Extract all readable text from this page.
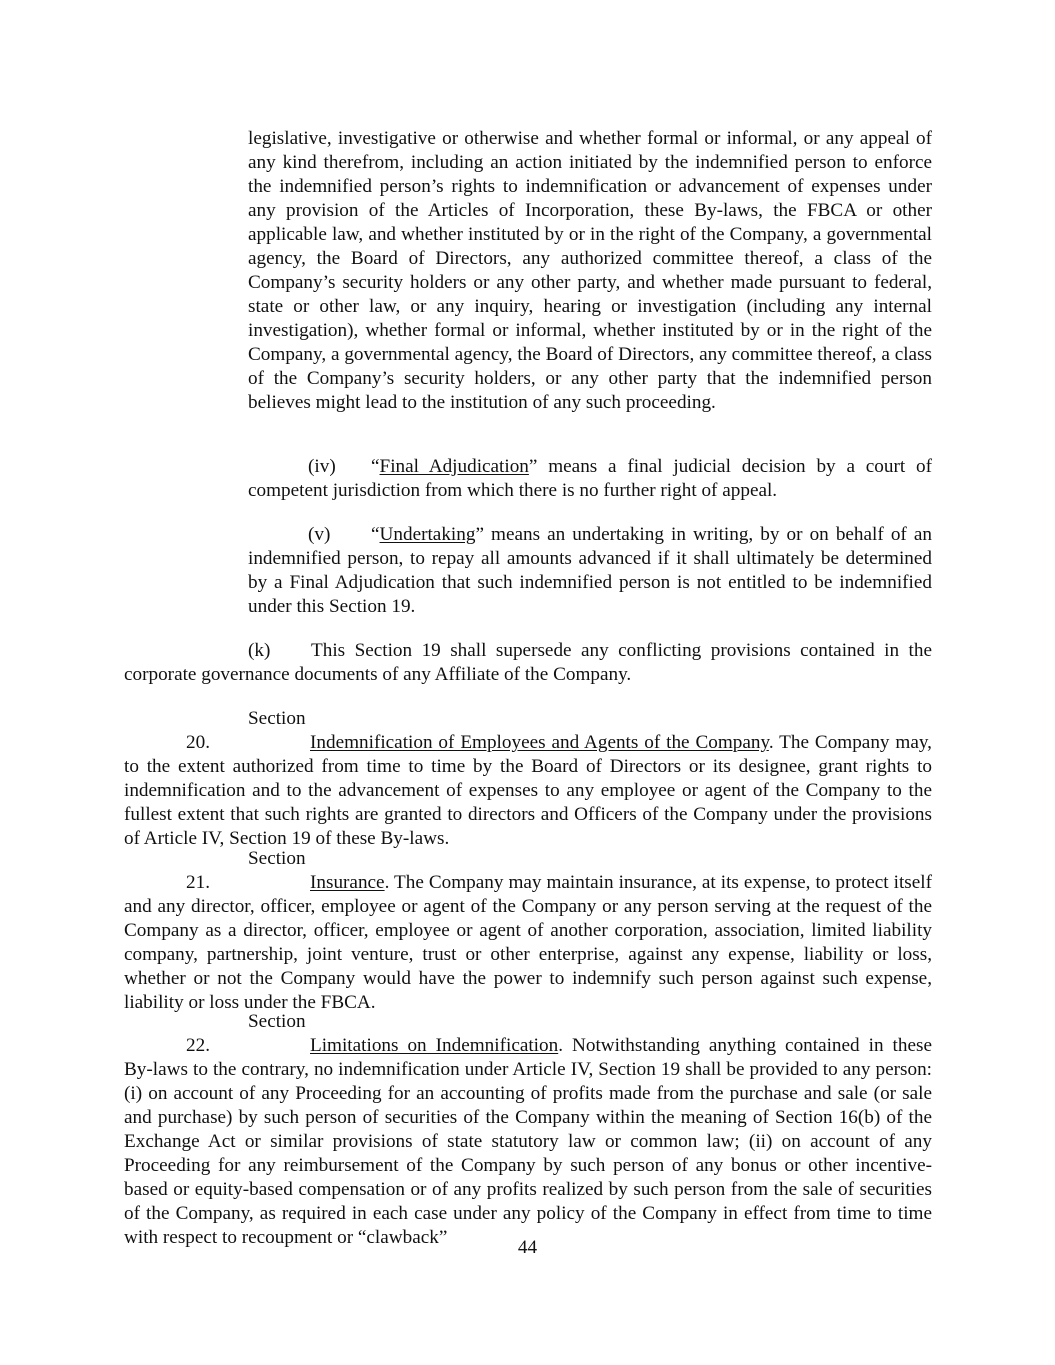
legislative, investigative or otherwise and whether formal or informal, or any appeal of any kind therefrom, including an action initiated by the indemnified person to enforce the indemnified person’s rights to indemnification or advancement of expenses under any provision of the Articles of Incorporation, these By-laws, the FBCA or other applicable law, and whether instituted by or in the right of the Company, a governmental agency, the Board of Directors, any authorized committee thereof, a class of the Company’s security holders or any other party, and whether made pursuant to federal, state or other law, or any inquiry, hearing or investigation (including any internal investigation), whether formal or informal, whether instituted by or in the right of the Company, a governmental agency, the Board of Directors, any committee thereof, a class of the Company’s security holders, or any other party that the indemnified person believes might lead to the institution of any such proceeding.

(iv) “Final Adjudication” means a final judicial decision by a court of competent jurisdiction from which there is no further right of appeal.

(v) “Undertaking” means an undertaking in writing, by or on behalf of an indemnified person, to repay all amounts advanced if it shall ultimately be determined by a Final Adjudication that such indemnified person is not entitled to be indemnified under this Section 19.

(k) This Section 19 shall supersede any conflicting provisions contained in the corporate governance documents of any Affiliate of the Company.

Section 20.	Indemnification of Employees and Agents of the Company. The Company may, to the extent authorized from time to time by the Board of Directors or its designee, grant rights to indemnification and to the advancement of expenses to any employee or agent of the Company to the fullest extent that such rights are granted to directors and Officers of the Company under the provisions of Article IV, Section 19 of these By-laws.

Section 21.	Insurance. The Company may maintain insurance, at its expense, to protect itself and any director, officer, employee or agent of the Company or any person serving at the request of the Company as a director, officer, employee or agent of another corporation, association, limited liability company, partnership, joint venture, trust or other enterprise, against any expense, liability or loss, whether or not the Company would have the power to indemnify such person against such expense, liability or loss under the FBCA.

Section 22.	Limitations on Indemnification. Notwithstanding anything contained in these By-laws to the contrary, no indemnification under Article IV, Section 19 shall be provided to any person: (i) on account of any Proceeding for an accounting of profits made from the purchase and sale (or sale and purchase) by such person of securities of the Company within the meaning of Section 16(b) of the Exchange Act or similar provisions of state statutory law or common law; (ii) on account of any Proceeding for any reimbursement of the Company by such person of any bonus or other incentive-based or equity-based compensation or of any profits realized by such person from the sale of securities of the Company, as required in each case under any policy of the Company in effect from time to time with respect to recoupment or “clawback”	44
